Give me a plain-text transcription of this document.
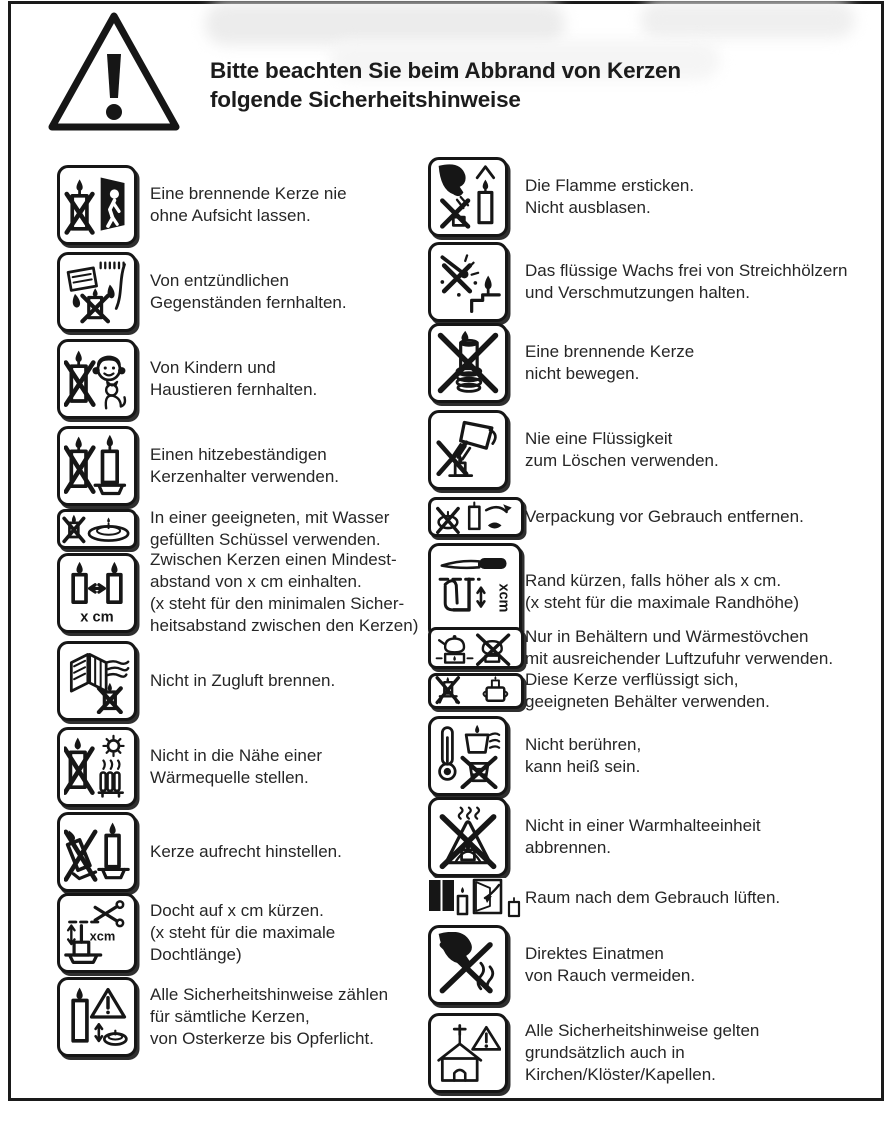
Bitte beachten Sie beim Abbrand von Kerzen
folgende Sicherheitshinweise
Eine brennende Kerze nie
ohne Aufsicht lassen.
Von entzündlichen
Gegenständen fernhalten.
Von Kindern und
Haustieren fernhalten.
Einen hitzebeständigen
Kerzenhalter verwenden.
In einer geeigneten, mit Wasser
gefüllten Schüssel verwenden.
x cm
Zwischen Kerzen einen Mindest-
abstand von x cm einhalten.
(x steht für den minimalen Sicher-
heitsabstand zwischen den Kerzen)
Nicht in Zugluft brennen.
Nicht in die Nähe einer
Wärmequelle stellen.
Kerze aufrecht hinstellen.
xcm
Docht auf x cm kürzen.
(x steht für die maximale
Dochtlänge)
Alle Sicherheitshinweise zählen
für sämtliche Kerzen,
von Osterkerze bis Opferlicht.
Die Flamme ersticken.
Nicht ausblasen.
Das flüssige Wachs frei von Streichhölzern
und Verschmutzungen halten.
Eine brennende Kerze
nicht bewegen.
Nie eine Flüssigkeit
zum Löschen verwenden.
Verpackung vor Gebrauch entfernen.
xcm
Rand kürzen, falls höher als x cm.
(x steht für die maximale Randhöhe)
Nur in Behältern und Wärmestövchen
mit ausreichender Luftzufuhr verwenden.
Diese Kerze verflüssigt sich,
geeigneten Behälter verwenden.
Nicht berühren,
kann heiß sein.
Nicht in einer Warmhalteeinheit
abbrennen.
Raum nach dem Gebrauch lüften.
Direktes Einatmen
von Rauch vermeiden.
Alle Sicherheitshinweise gelten
grundsätzlich auch in
Kirchen/Klöster/Kapellen.
